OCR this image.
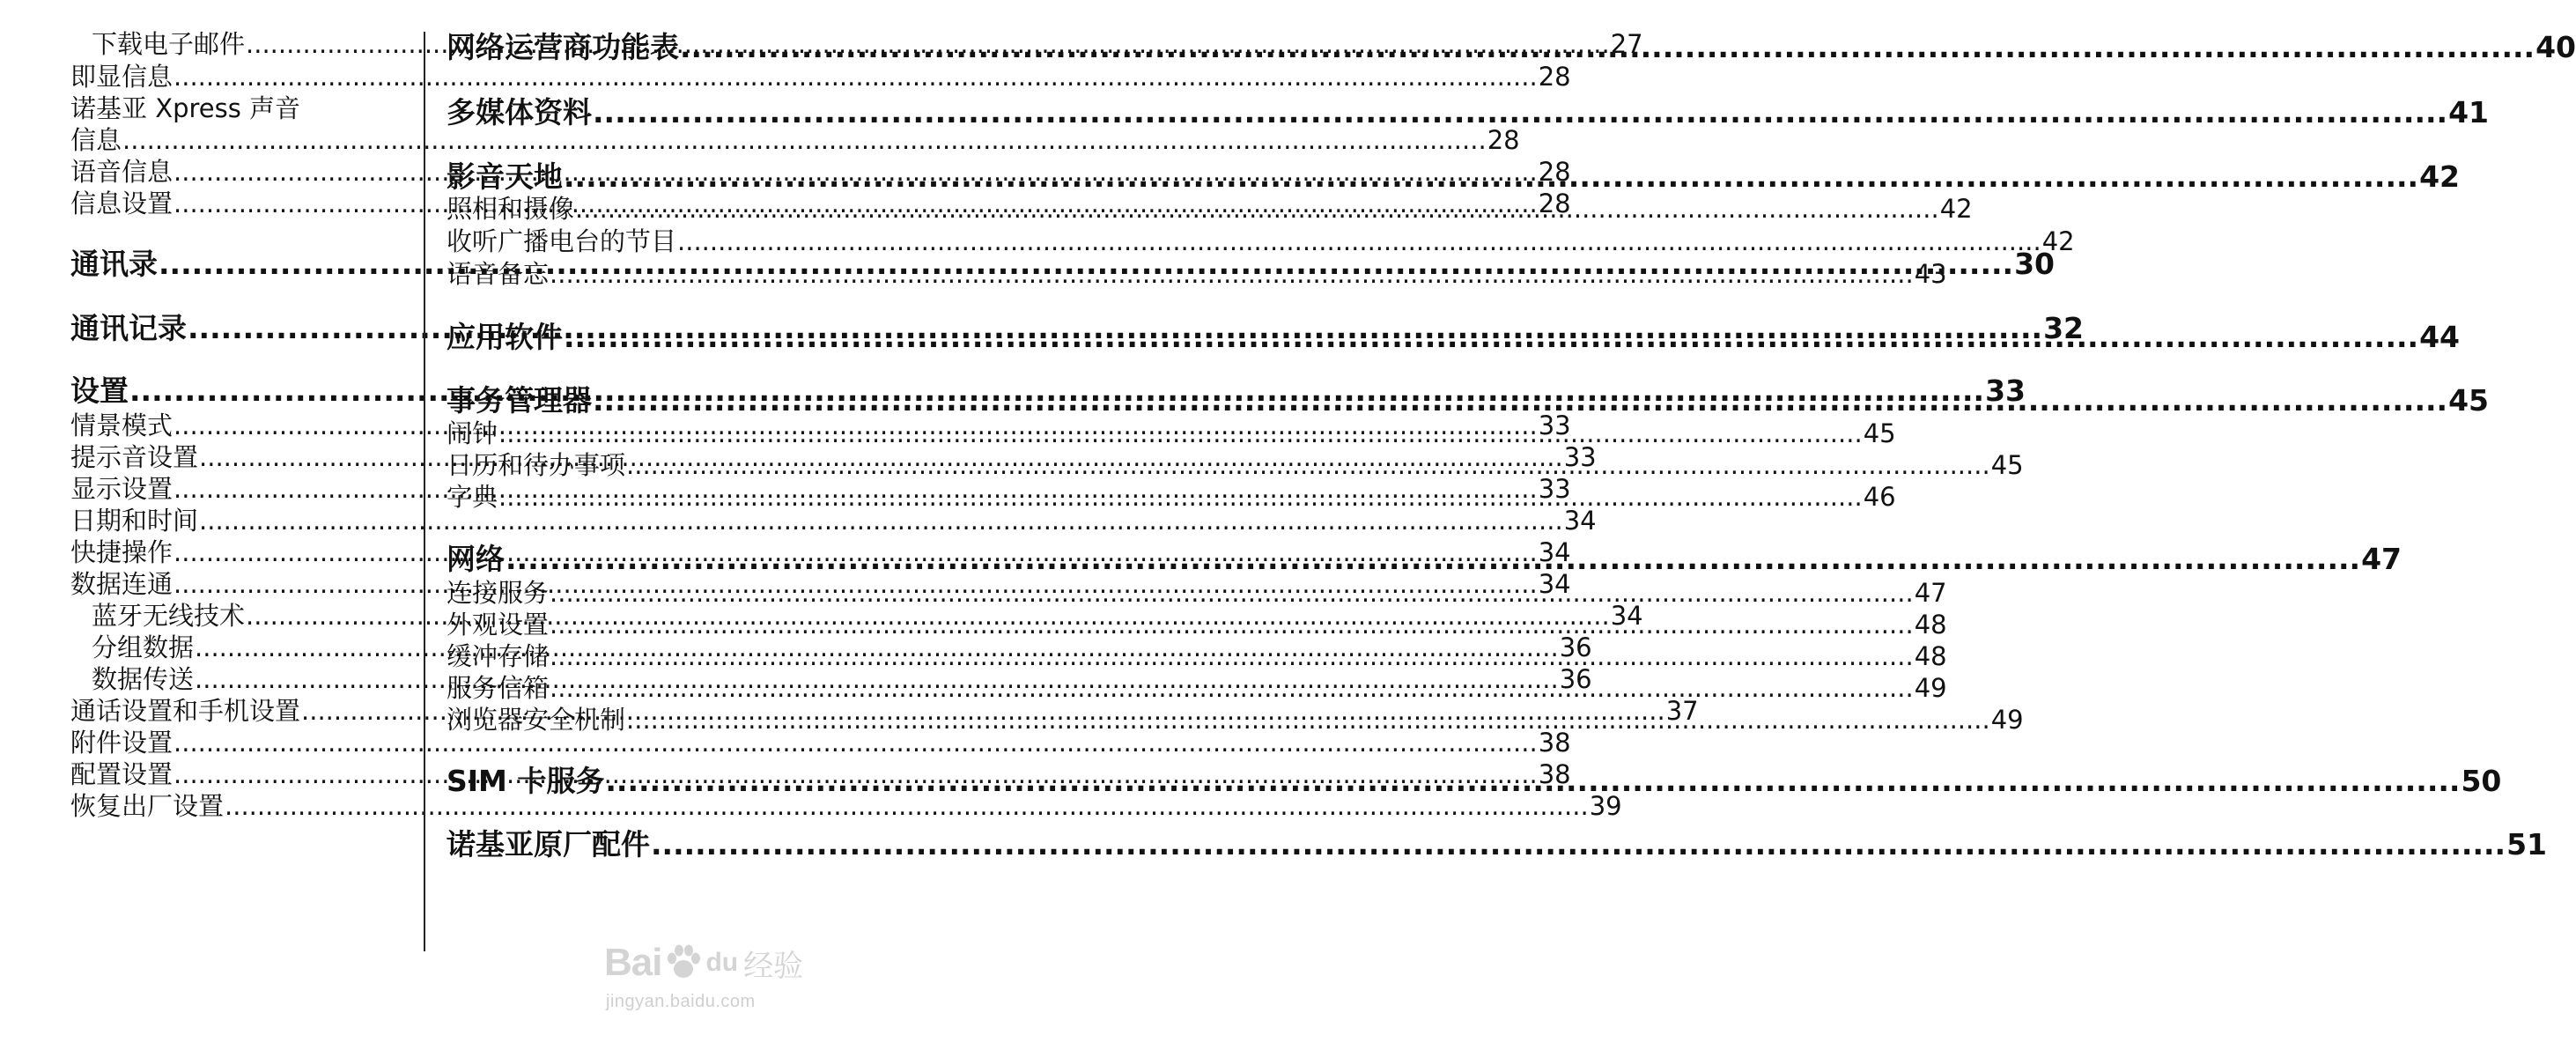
下载电子邮件 .....	27
即显信息 .....	28
诺基亚 Xpress 声音
信息 .....	28
语音信息 .....	28
信息设置 .....	28
通讯录 .....	30
通讯记录 .....	32
设置 .....	33
情景模式 .....	33
提示音设置 .....	33
显示设置 .....	33
日期和时间 .....	34
快捷操作 .....	34
数据连通 .....	34
蓝牙无线技术 .....	34
分组数据 .....	36
数据传送 .....	36
通话设置和手机设置 .....	37
附件设置 .....	38
配置设置 .....	38
恢复出厂设置 .....	39
网络运营商功能表 .....	40
多媒体资料 .....	41
影音天地 .....	42
照相和摄像 .....	42
收听广播电台的节目 .....	42
语音备忘 .....	43
应用软件 .....	44
事务管理器 .....	45
闹钟 .....	45
日历和待办事项 .....	45
字典 .....	46
网络 .....	47
连接服务 .....	47
外观设置 .....	48
缓冲存储 .....	48
服务信箱 .....	49
浏览器安全机制 .....	49
SIM 卡服务 .....	50
诺基亚原厂配件 .....	51
Bai du 经验
jingyan.baidu.com
